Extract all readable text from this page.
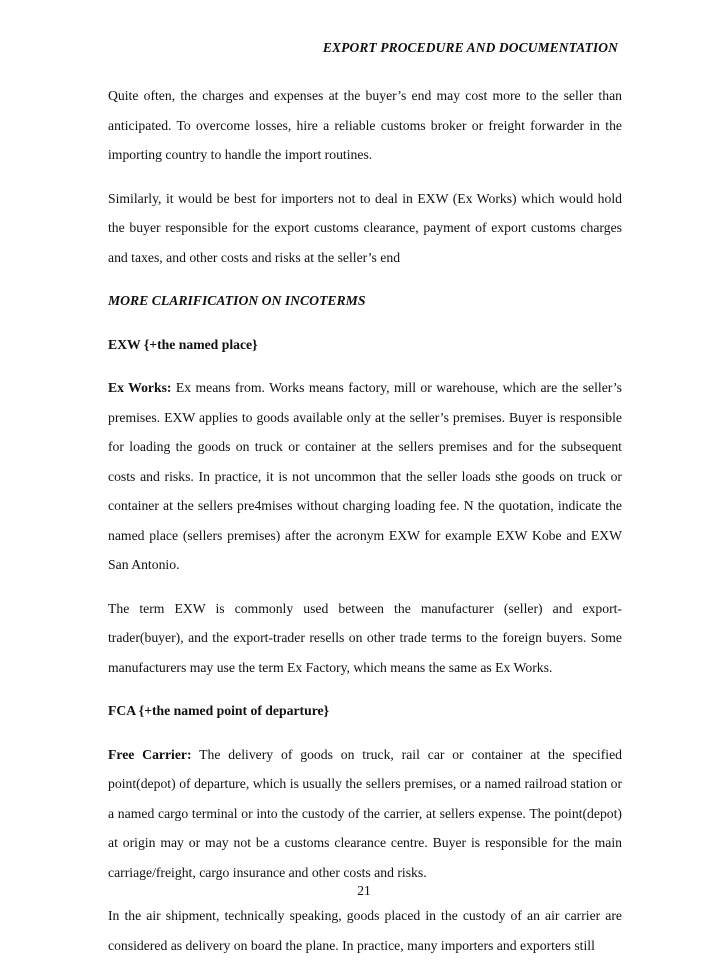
EXPORT PROCEDURE AND DOCUMENTATION

Quite often, the charges and expenses at the buyer’s end may cost more to the seller than anticipated. To overcome losses, hire a reliable customs broker or freight forwarder in the importing country to handle the import routines.

Similarly, it would be best for importers not to deal in EXW (Ex Works) which would hold the buyer responsible for the export customs clearance, payment of export customs charges and taxes, and other costs and risks at the seller’s end

MORE CLARIFICATION ON INCOTERMS

EXW {+the named place}

Ex Works: Ex means from. Works means factory, mill or warehouse, which are the seller’s premises. EXW applies to goods available only at the seller’s premises. Buyer is responsible for loading the goods on truck or container at the sellers premises and for the subsequent costs and risks. In practice, it is not uncommon that the seller loads sthe goods on truck or container at the sellers pre4mises without charging loading fee. N the quotation, indicate the named place (sellers premises) after the acronym EXW for example EXW Kobe and EXW San Antonio.

The term EXW is commonly used between the manufacturer (seller) and export-trader(buyer), and the export-trader resells on other trade terms to the foreign buyers. Some manufacturers may use the term Ex Factory, which means the same as Ex Works.

FCA {+the named point of departure}

Free Carrier: The delivery of goods on truck, rail car or container at the specified point(depot) of departure, which is usually the sellers premises, or a named railroad station or a named cargo terminal or into the custody of the carrier, at sellers expense. The point(depot) at origin may or may not be a customs clearance centre. Buyer is responsible for the main carriage/freight, cargo insurance and other costs and risks.

In the air shipment, technically speaking, goods placed in the custody of an air carrier are considered as delivery on board the plane. In practice, many importers and exporters still

21
